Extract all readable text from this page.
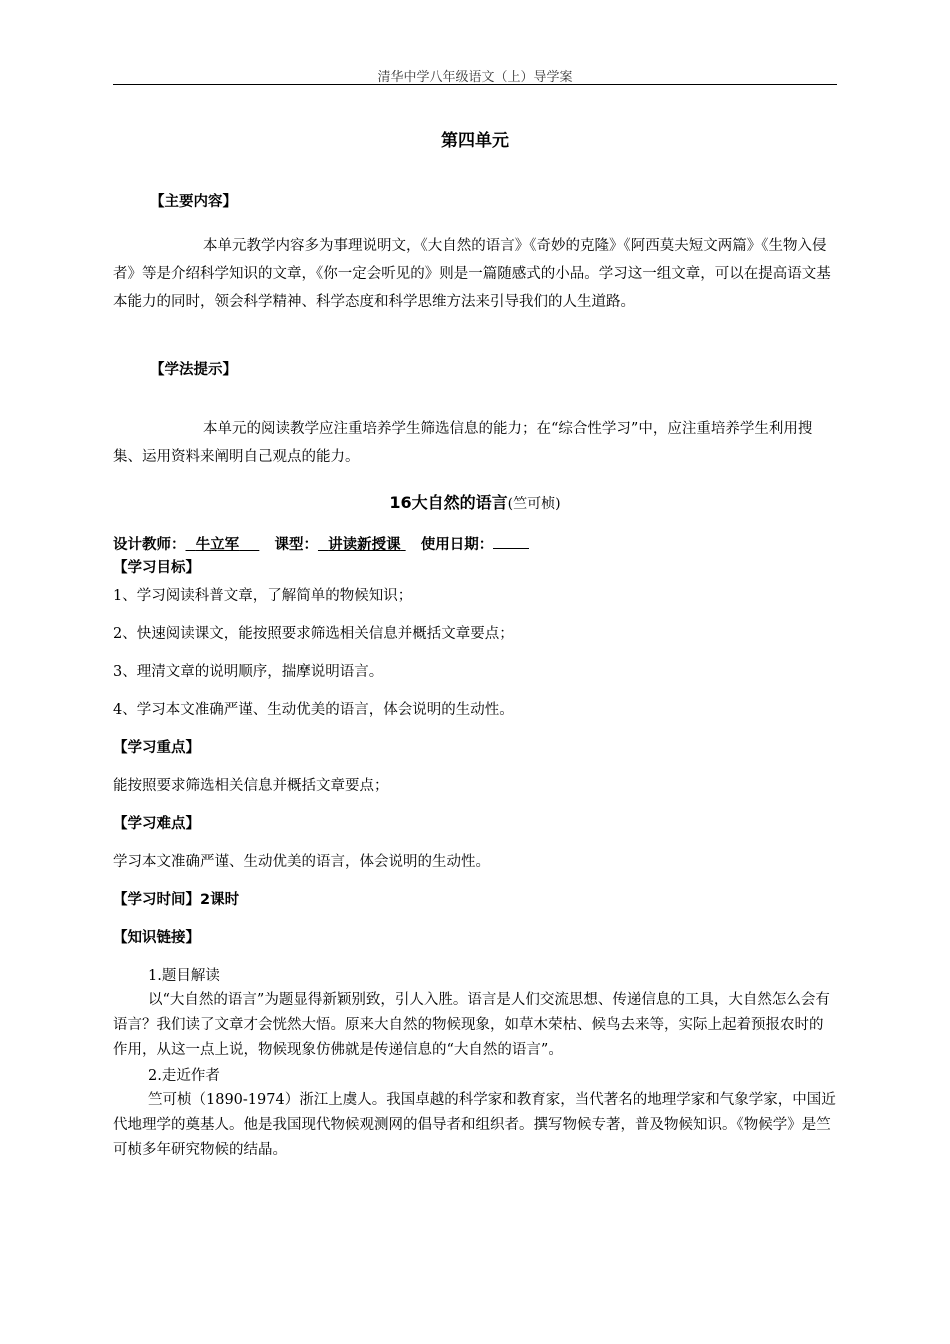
清华中学八年级语文（上）导学案
第四单元
【主要内容】
本单元教学内容多为事理说明文，《大自然的语言》《奇妙的克隆》《阿西莫夫短文两篇》《生物入侵者》等是介绍科学知识的文章，《你一定会听见的》则是一篇随感式的小品。学习这一组文章，可以在提高语文基本能力的同时，领会科学精神、科学态度和科学思维方法来引导我们的人生道路。
【学法提示】
本单元的阅读教学应注重培养学生筛选信息的能力；在“综合性学习”中，应注重培养学生利用搜集、运用资料来阐明自己观点的能力。
16大自然的语言(竺可桢)
设计教师： 牛立军 课型： 讲读新授课 使用日期：
【学习目标】
1、学习阅读科普文章，了解简单的物候知识；
2、快速阅读课文，能按照要求筛选相关信息并概括文章要点；
3、理清文章的说明顺序，揣摩说明语言。
4、学习本文准确严谨、生动优美的语言，体会说明的生动性。
【学习重点】
能按照要求筛选相关信息并概括文章要点；
【学习难点】
学习本文准确严谨、生动优美的语言，体会说明的生动性。
【学习时间】2课时
【知识链接】
1.题目解读
以“大自然的语言”为题显得新颖别致，引人入胜。语言是人们交流思想、传递信息的工具，大自然怎么会有语言？我们读了文章才会恍然大悟。原来大自然的物候现象，如草木荣枯、候鸟去来等，实际上起着预报农时的作用，从这一点上说，物候现象仿佛就是传递信息的“大自然的语言”。
2.走近作者
竺可桢（1890-1974）浙江上虞人。我国卓越的科学家和教育家，当代著名的地理学家和气象学家，中国近代地理学的奠基人。他是我国现代物候观测网的倡导者和组织者。撰写物候专著，普及物候知识。《物候学》是竺可桢多年研究物候的结晶。
